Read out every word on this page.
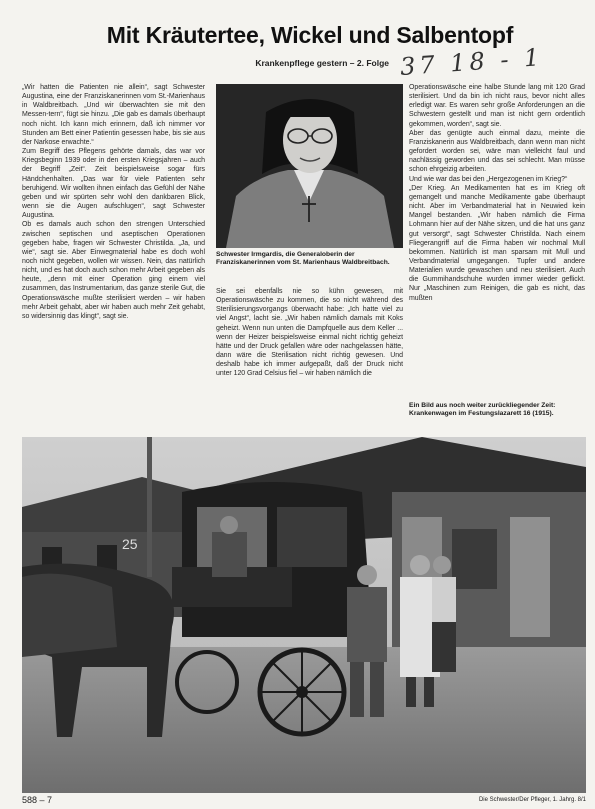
Mit Kräutertee, Wickel und Salbentopf
Krankenpflege gestern – 2. Folge 37 18 - 1

„Wir hatten die Patienten nie allein“, sagt Schwester Augustina, eine der Franziskanerinnen vom St.-Marienhaus in Waldbreitbach. „Und wir überwachten sie mit den Messen-tern“, fügt sie hinzu. „Die gab es damals überhaupt noch nicht. Ich kann mich erinnern, daß ich nimmer vor Stunden am Bett einer Patientin gesessen habe, bis sie aus der Narkose erwachte.“

Zum Begriff des Pflegens gehörte damals, das war vor Kriegsbeginn 1939 oder in den ersten Kriegsjahren – auch der Begriff „Zeit“. Zeit beispielsweise sogar fürs Händchenhalten. „Das war für viele Patienten sehr beruhigend. Wir wollten ihnen einfach das Gefühl der Nähe geben und wir spürten sehr wohl den dankbaren Blick, wenn sie die Augen aufschlugen“, sagt Schwester Augustina.

Ob es damals auch schon den strengen Unterschied zwischen septischen und aseptischen Operationen gegeben habe, fragen wir Schwester Christilda. „Ja, und wie“, sagt sie. Aber Einwegmaterial habe es doch wohl noch nicht gegeben, wollen wir wissen. Nein, das natürlich nicht, und es hat doch auch schon mehr Arbeit gegeben als heute, „denn mit einer Operation ging einem viel zusammen, das Instrumentarium, das ganze sterile Gut, die Operationswäsche mußte sterilisiert werden – wir haben mehr Arbeit gehabt, aber wir haben auch mehr Zeit gehabt, so widersinnig das klingt“, sagt sie.

Schwester Irmgardis, die Generaloberin der Franziskanerinnen vom St. Marienhaus Waldbreitbach.

Sie sei ebenfalls nie so kühn gewesen, mit Operationswäsche zu kommen, die so nicht während des Sterilisierungsvorgangs überwacht habe: „Ich hatte viel zu viel Angst“, lacht sie. „Wir haben nämlich damals mit Koks geheizt. Wenn nun unten die Dampfquelle aus dem Keller ... wenn der Heizer beispielsweise einmal nicht richtig geheizt hätte und der Druck gefallen wäre oder nachgelassen hätte, dann wäre die Sterilisation nicht richtig gewesen. Und deshalb habe ich immer aufgepaßt, daß der Druck nicht unter 120 Grad Celsius fiel – wir haben nämlich die

Operationswäsche eine halbe Stunde lang mit 120 Grad sterilisiert. Und da bin ich nicht raus, bevor nicht alles erledigt war. Es waren sehr große Anforderungen an die Schwestern gestellt und man ist nicht gern ordentlich gekommen, worden“, sagt sie.

Aber das genügte auch einmal dazu, meinte die Franziskanerin aus Waldbreitbach, dann wenn man nicht gefordert worden sei, wäre man vielleicht faul und nachlässig geworden und das sei schlecht. Man müsse schon ehrgeizig arbeiten.

Und wie war das bei den „Hergezogenen im Krieg?“

„Der Krieg. An Medikamenten hat es im Krieg oft gemangelt und manche Medikamente gabe überhaupt nicht. Aber im Verbandmaterial hat in Neuwied kein Mangel bestanden. „Wir haben nämlich die Firma Lohmann hier auf der Nähe sitzen, und die hat uns ganz gut versorgt“, sagt Schwester Christilda. Nach einem Fliegerangriff auf die Firma haben wir nochmal Mull bekommen. Natürlich ist man sparsam mit Mull und Verbandmaterial umgegangen. Tupfer und andere Materialien wurde gewaschen und neu sterilisiert. Auch die Gummihandschuhe wurden immer wieder geflickt. Nur „Maschinen zum Reinigen, die gab es nicht, das mußten

Ein Bild aus noch weiter zurückliegender Zeit: Krankenwagen im Festungslazarett 16 (1915).
25
588 – 7	Die Schwester/Der Pfleger, 1. Jahrg. 8/1
